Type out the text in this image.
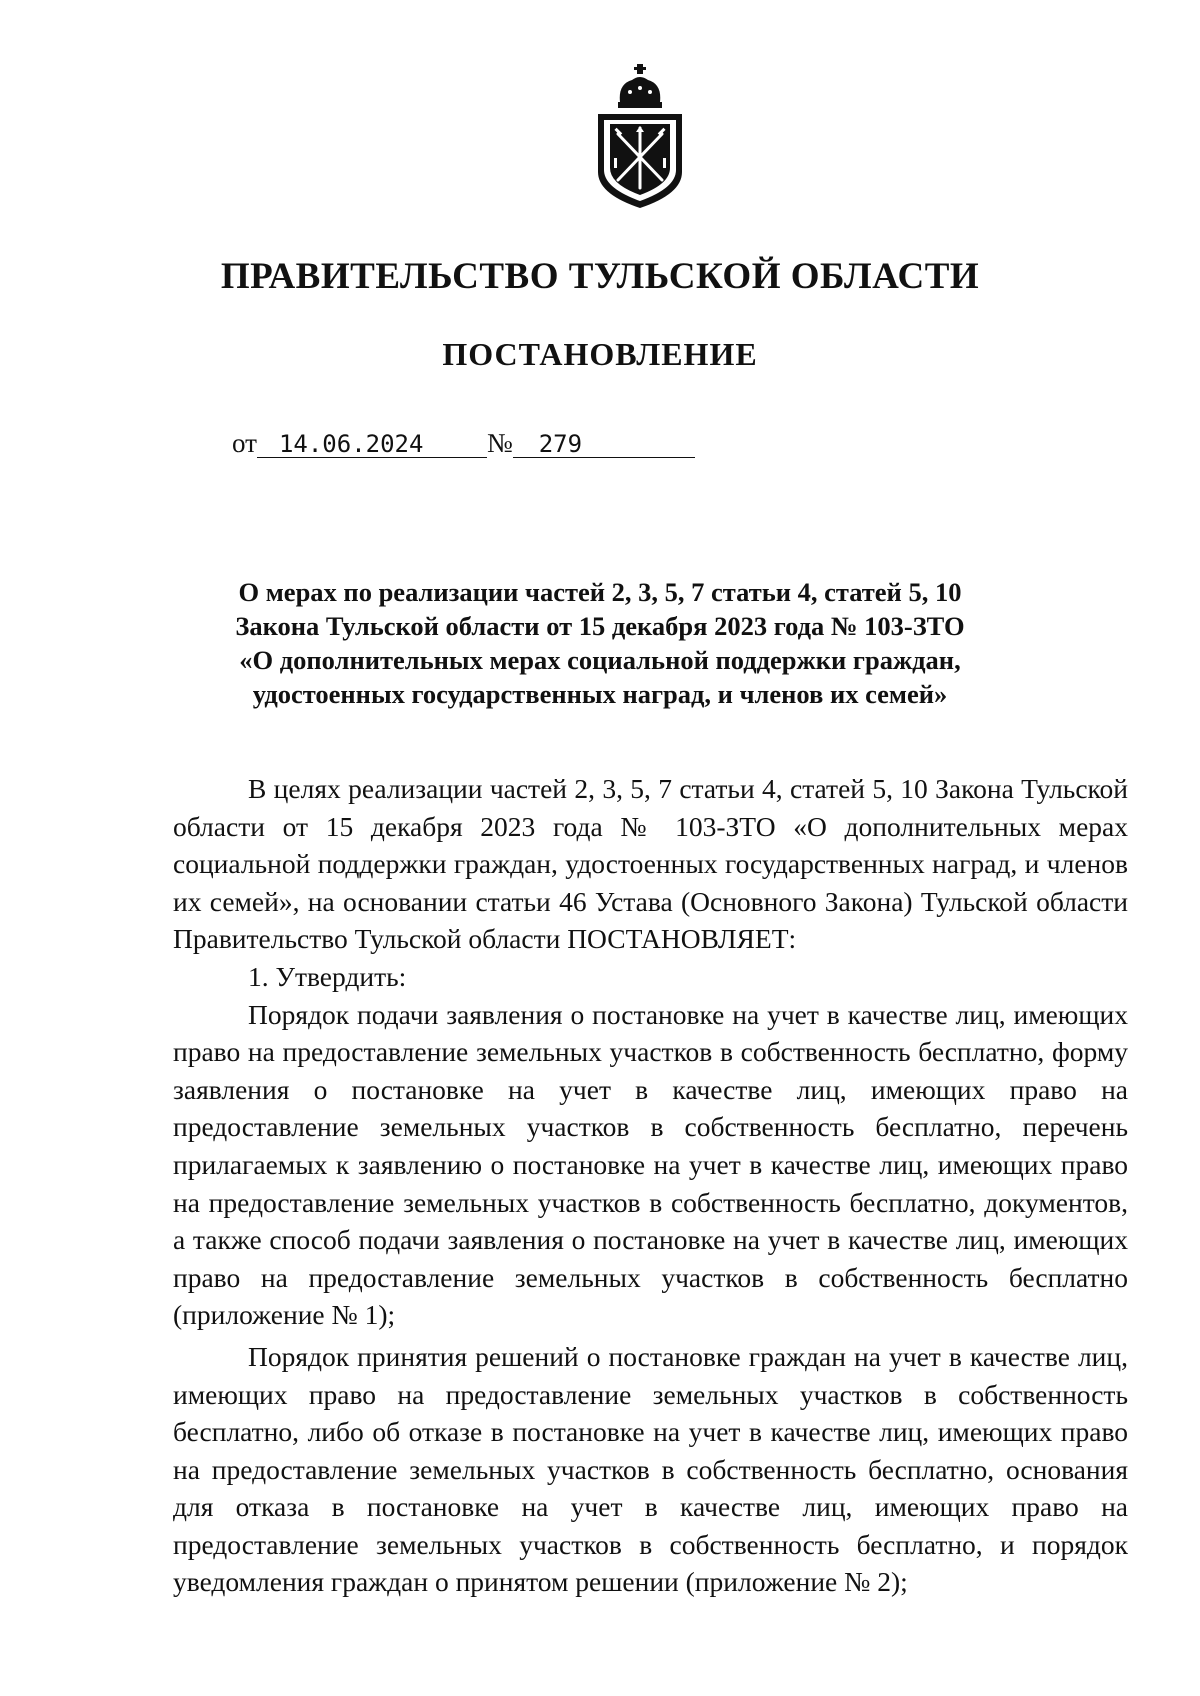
ПРАВИТЕЛЬСТВО ТУЛЬСКОЙ ОБЛАСТИ
ПОСТАНОВЛЕНИЕ
от 14.06.2024 № 279
О мерах по реализации частей 2, 3, 5, 7 статьи 4, статей 5, 10
Закона Тульской области от 15 декабря 2023 года № 103-ЗТО
«О дополнительных мерах социальной поддержки граждан,
удостоенных государственных наград, и членов их семей»

В целях реализации частей 2, 3, 5, 7 статьи 4, статей 5, 10 Закона Тульской области от 15 декабря 2023 года № 103-ЗТО «О дополнительных мерах социальной поддержки граждан, удостоенных государственных наград, и членов их семей», на основании статьи 46 Устава (Основного Закона) Тульской области Правительство Тульской области ПОСТАНОВЛЯЕТ:

1. Утвердить:

Порядок подачи заявления о постановке на учет в качестве лиц, имеющих право на предоставление земельных участков в собственность бесплатно, форму заявления о постановке на учет в качестве лиц, имеющих право на предоставление земельных участков в собственность бесплатно, перечень прилагаемых к заявлению о постановке на учет в качестве лиц, имеющих право на предоставление земельных участков в собственность бесплатно, документов, а также способ подачи заявления о постановке на учет в качестве лиц, имеющих право на предоставление земельных участков в собственность бесплатно (приложение № 1);

Порядок принятия решений о постановке граждан на учет в качестве лиц, имеющих право на предоставление земельных участков в собственность бесплатно, либо об отказе в постановке на учет в качестве лиц, имеющих право на предоставление земельных участков в собственность бесплатно, основания для отказа в постановке на учет в качестве лиц, имеющих право на предоставление земельных участков в собственность бесплатно, и порядок уведомления граждан о принятом решении (приложение № 2);
